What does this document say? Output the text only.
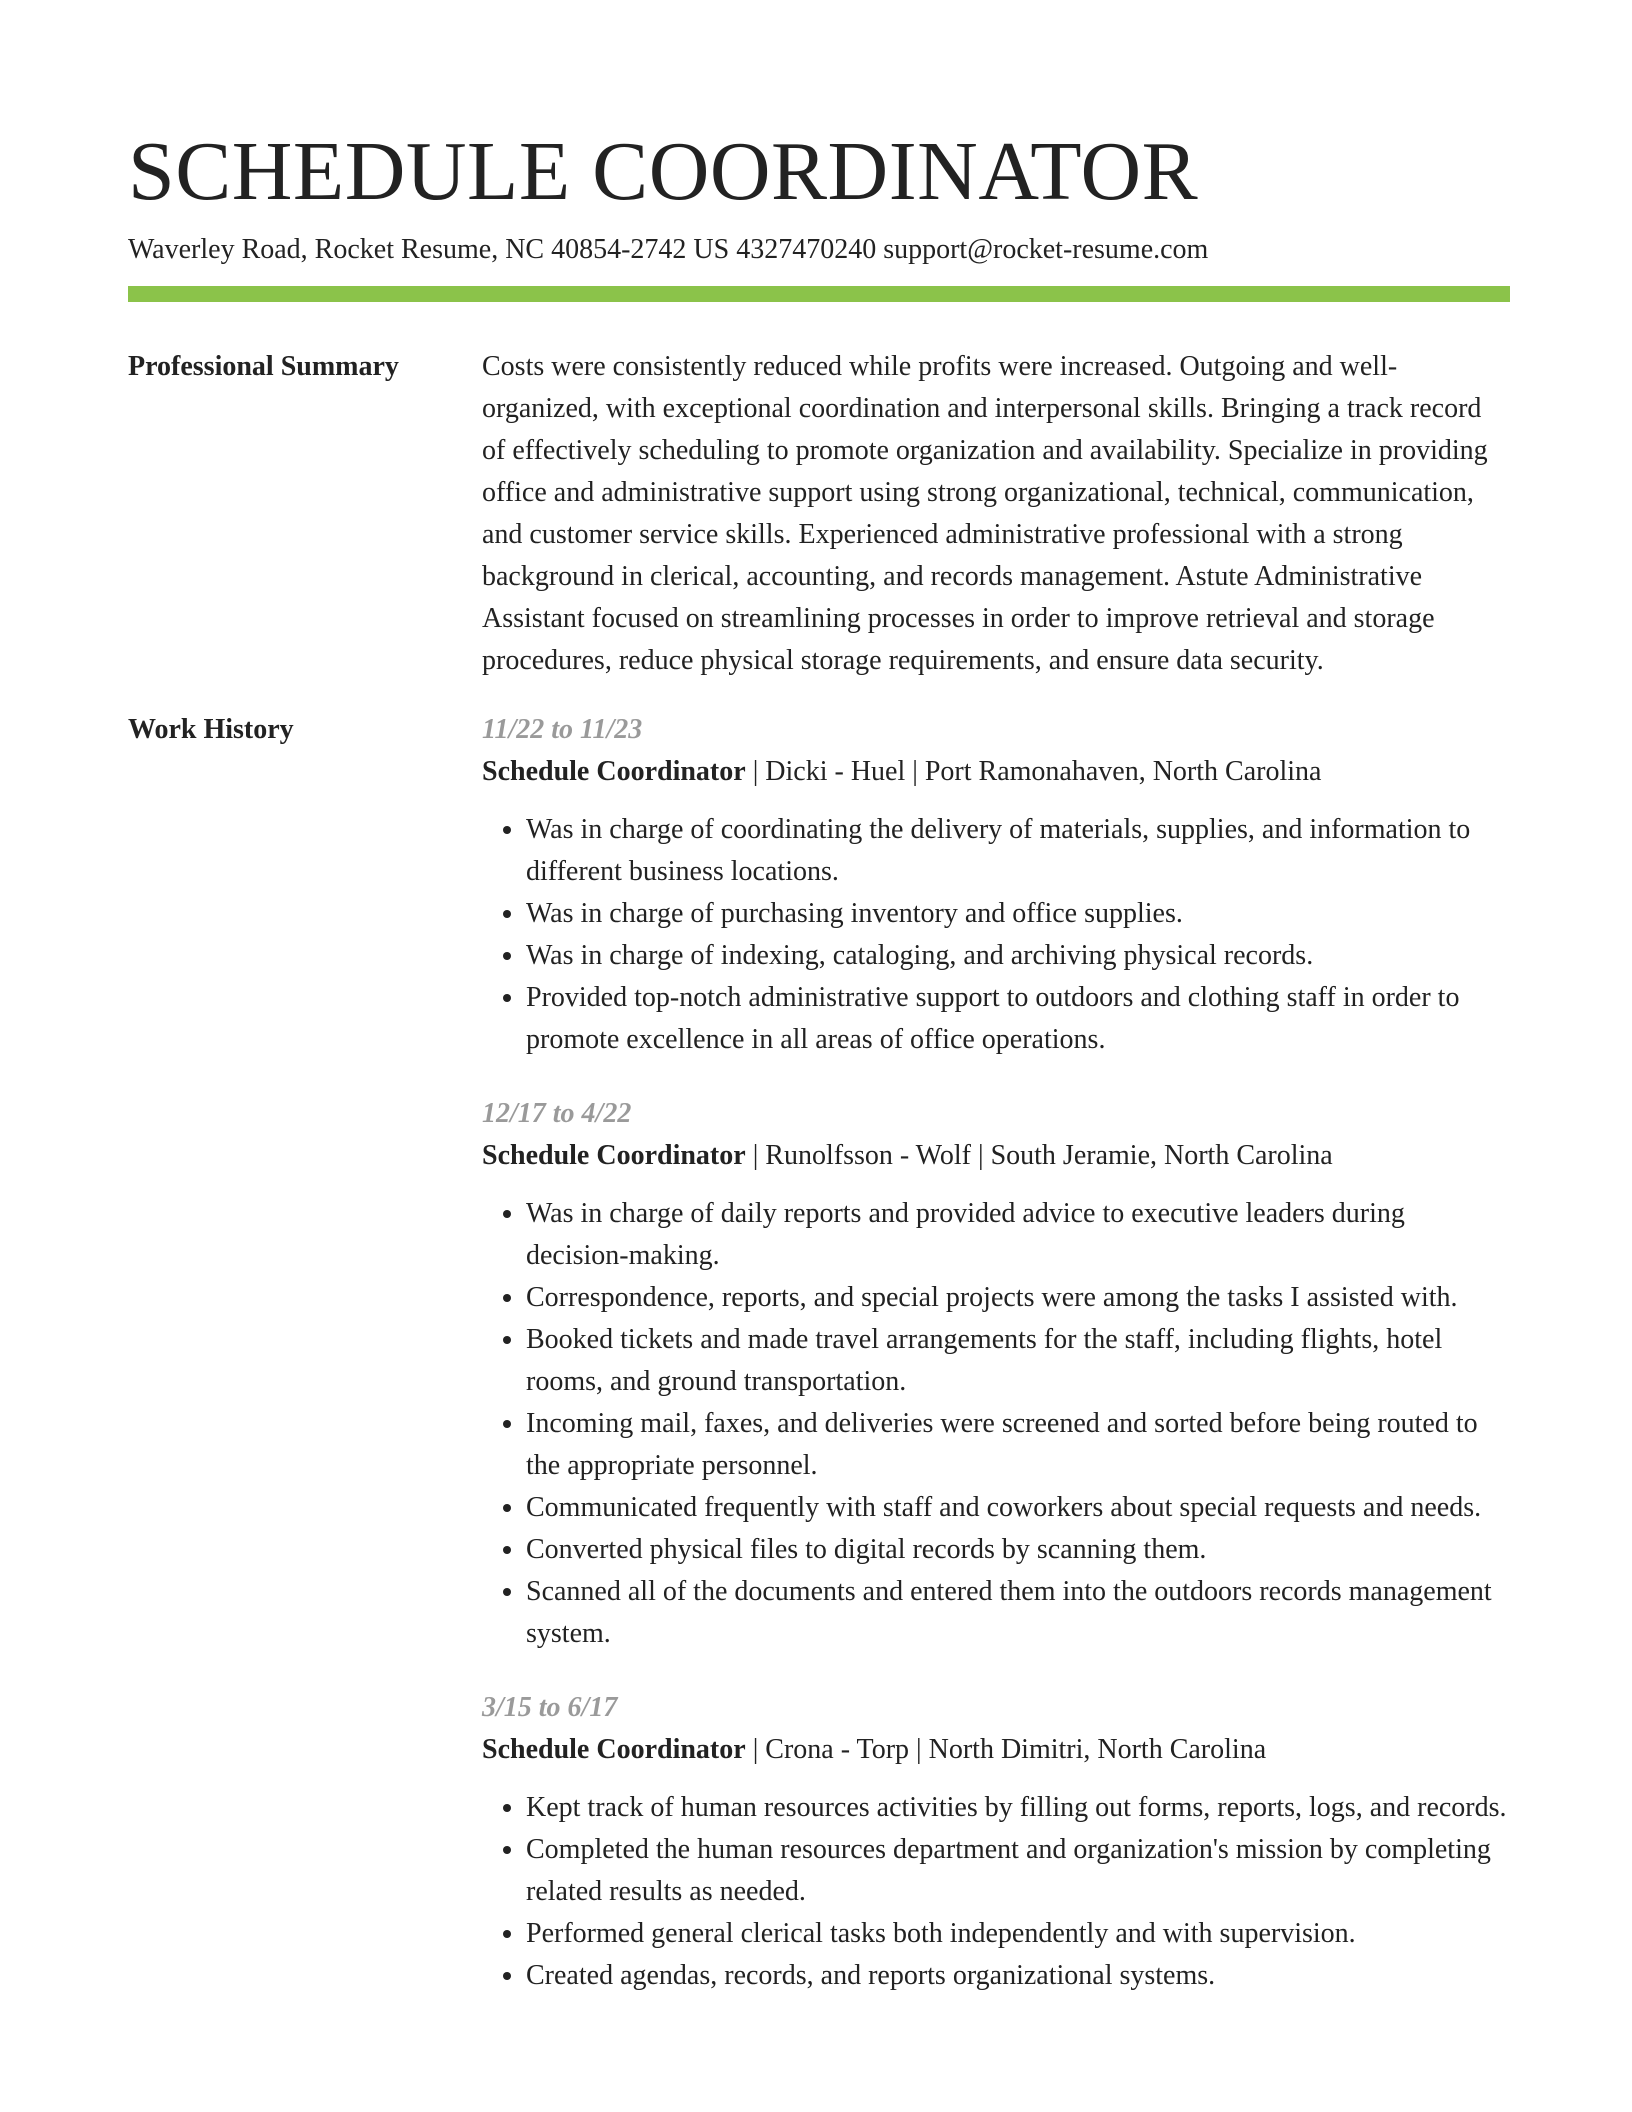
SCHEDULE COORDINATOR
Waverley Road, Rocket Resume, NC 40854-2742 US 4327470240 support@rocket-resume.com
Professional Summary	Costs were consistently reduced while profits were increased. Outgoing and well-organized, with exceptional coordination and interpersonal skills. Bringing a track record of effectively scheduling to promote organization and availability. Specialize in providing office and administrative support using strong organizational, technical, communication, and customer service skills. Experienced administrative professional with a strong background in clerical, accounting, and records management. Astute Administrative Assistant focused on streamlining processes in order to improve retrieval and storage procedures, reduce physical storage requirements, and ensure data security.

Work History	11/22 to 11/23
Schedule Coordinator | Dicki - Huel | Port Ramonahaven, North Carolina
• Was in charge of coordinating the delivery of materials, supplies, and information to different business locations.
• Was in charge of purchasing inventory and office supplies.
• Was in charge of indexing, cataloging, and archiving physical records.
• Provided top-notch administrative support to outdoors and clothing staff in order to promote excellence in all areas of office operations.
12/17 to 4/22
Schedule Coordinator | Runolfsson - Wolf | South Jeramie, North Carolina
• Was in charge of daily reports and provided advice to executive leaders during decision-making.
• Correspondence, reports, and special projects were among the tasks I assisted with.
• Booked tickets and made travel arrangements for the staff, including flights, hotel rooms, and ground transportation.
• Incoming mail, faxes, and deliveries were screened and sorted before being routed to the appropriate personnel.
• Communicated frequently with staff and coworkers about special requests and needs.
• Converted physical files to digital records by scanning them.
• Scanned all of the documents and entered them into the outdoors records management system.
3/15 to 6/17
Schedule Coordinator | Crona - Torp | North Dimitri, North Carolina
• Kept track of human resources activities by filling out forms, reports, logs, and records.
• Completed the human resources department and organization's mission by completing related results as needed.
• Performed general clerical tasks both independently and with supervision.
• Created agendas, records, and reports organizational systems.
